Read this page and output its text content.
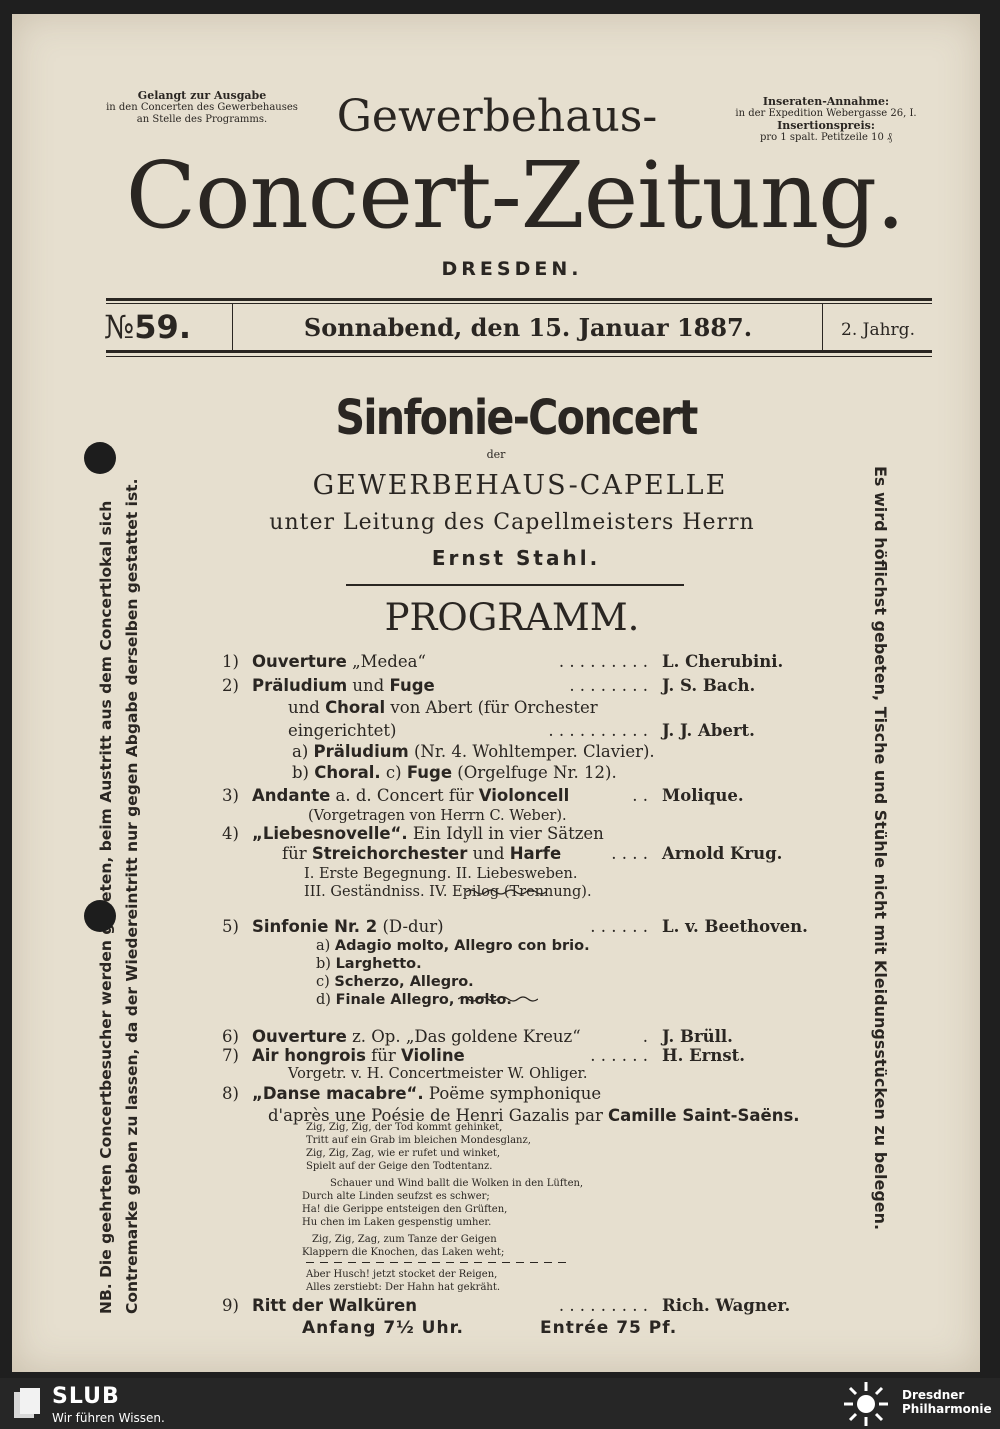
Gelangt zur Ausgabe
in den Concerten des Gewerbehauses
an Stelle des Programms.
Inseraten-Annahme:
in der Expedition Webergasse 26, I.
Insertionspreis:
pro 1 spalt. Petitzeile 10 ₰
Gewerbehaus-
Concert-Zeitung.
DRESDEN.
№59.	Sonnabend, den 15. Januar 1887.	2. Jahrg.
Sinfonie-Concert
der
GEWERBEHAUS-CAPELLE
unter Leitung des Capellmeisters Herrn
Ernst Stahl.
PROGRAMM.
1) Ouverture „Medea“	. . . . . . . . . L. Cherubini.
2) Präludium und Fuge	. . . . . . . . J. S. Bach.
und Choral von Abert (für Orchester
eingerichtet)	. . . . . . . . . . J. J. Abert.
a) Präludium (Nr. 4. Wohltemper. Clavier).
b) Choral. c) Fuge (Orgelfuge Nr. 12).
3) Andante a. d. Concert für Violoncell	. . Molique.
(Vorgetragen von Herrn C. Weber).
4) „Liebesnovelle“. Ein Idyll in vier Sätzen
für Streichorchester und Harfe	. . . . Arnold Krug.
I. Erste Begegnung. II. Liebesweben.
III. Geständniss. IV. Epilog (Trennung).
5) Sinfonie Nr. 2 (D-dur)	. . . . . . L. v. Beethoven.
a) Adagio molto, Allegro con brio.
b) Larghetto.
c) Scherzo, Allegro.
d) Finale Allegro, molto.
6) Ouverture z. Op. „Das goldene Kreuz“	. J. Brüll.
7) Air hongrois für Violine	. . . . . . H. Ernst.
Vorgetr. v. H. Concertmeister W. Ohliger.
8) „Danse macabre“. Poëme symphonique
d'après une Poésie de Henri Gazalis par Camille Saint-Saëns.
9) Ritt der Walküren	. . . . . . . . . Rich. Wagner.
Zig, Zig, Zig, der Tod kommt gehinket,
Tritt auf ein Grab im bleichen Mondesglanz,
Zig, Zig, Zag, wie er rufet und winket,
Spielt auf der Geige den Todtentanz.
Schauer und Wind ballt die Wolken in den Lüften,
Durch alte Linden seufzst es schwer;
Ha! die Gerippe entsteigen den Grüften,
Hu chen im Laken gespenstig umher.
Zig, Zig, Zag, zum Tanze der Geigen
Klappern die Knochen, das Laken weht;
Aber Husch! jetzt stocket der Reigen,
Alles zerstiebt: Der Hahn hat gekräht.
Anfang 7½ Uhr.	Entrée 75 Pf.
Contremarke geben zu lassen, da der Wiedereintritt nur gegen Abgabe derselben gestattet ist.	Es wird höflichst gebeten, Tische und Stühle nicht mit Kleidungsstücken zu belegen.
SLUB
Wir führen Wissen.
Dresdner
Philharmonie
